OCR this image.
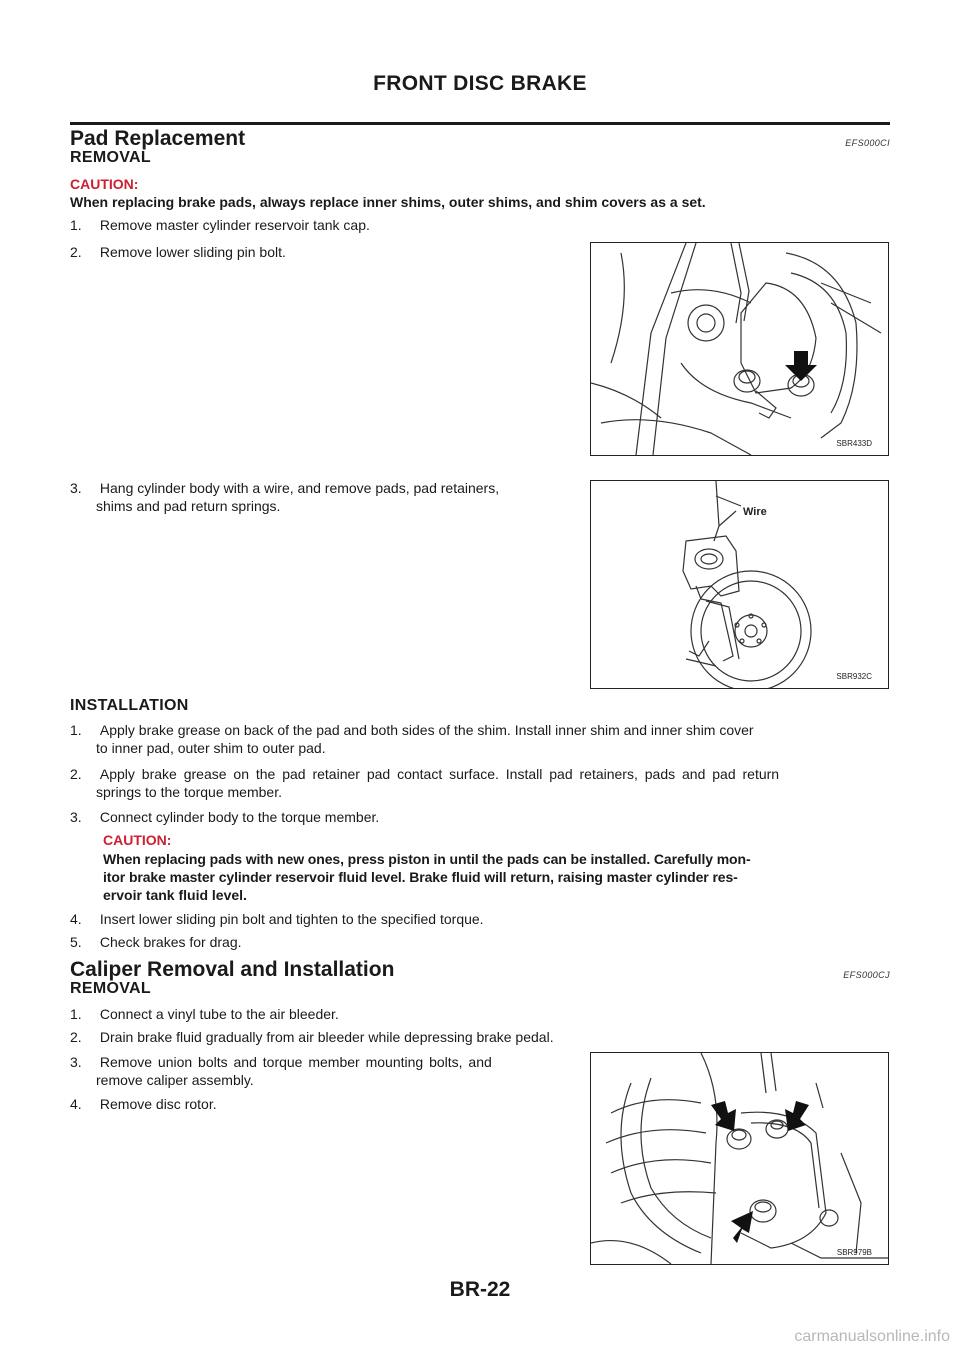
FRONT DISC BRAKE
Pad Replacement	EFS000CI
REMOVAL
CAUTION:
When replacing brake pads, always replace inner shims, outer shims, and shim covers as a set.
1. Remove master cylinder reservoir tank cap.
2. Remove lower sliding pin bolt.
3. Hang cylinder body with a wire, and remove pads, pad retainers,
shims and pad return springs.
SBR433D
Wire
SBR932C
INSTALLATION
1. Apply brake grease on back of the pad and both sides of the shim. Install inner shim and inner shim cover
to inner pad, outer shim to outer pad.
2. Apply brake grease on the pad retainer pad contact surface. Install pad retainers, pads and pad return
springs to the torque member.
3. Connect cylinder body to the torque member.
CAUTION:
When replacing pads with new ones, press piston in until the pads can be installed. Carefully mon-
itor brake master cylinder reservoir fluid level. Brake fluid will return, raising master cylinder res-
ervoir tank fluid level.
4. Insert lower sliding pin bolt and tighten to the specified torque.
5. Check brakes for drag.
Caliper Removal and Installation	EFS000CJ
REMOVAL
1. Connect a vinyl tube to the air bleeder.
2. Drain brake fluid gradually from air bleeder while depressing brake pedal.
3. Remove union bolts and torque member mounting bolts, and
remove caliper assembly.
4. Remove disc rotor.
SBR979B
BR-22
carmanualsonline.info
